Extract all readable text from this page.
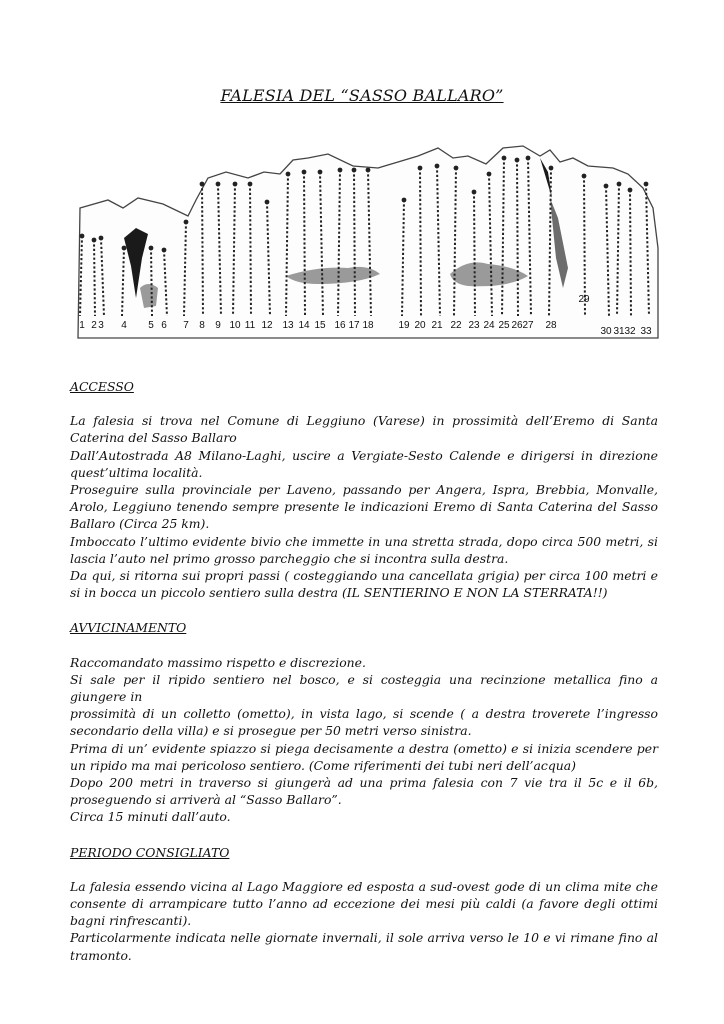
FALESIA DEL “SASSO BALLARO”
1 2 3 4 5 6 7 8 9 10 11 12 13 14 15 16 17 18 19 20 21 22 23 24 25 26 27 28
29
30 31 32 33
ACCESSO

La falesia si trova nel Comune di Leggiuno (Varese) in prossimità dell’Eremo di Santa Caterina del Sasso Ballaro

Dall’Autostrada A8 Milano-Laghi, uscire a Vergiate-Sesto Calende e dirigersi in direzione quest’ultima località.

Proseguire sulla provinciale per Laveno, passando per Angera, Ispra, Brebbia, Monvalle, Arolo, Leggiuno tenendo sempre presente le indicazioni Eremo di Santa Caterina del Sasso Ballaro (Circa 25 km).

Imboccato l’ultimo evidente bivio che immette in una stretta strada, dopo circa 500 metri, si lascia l’auto nel primo grosso parcheggio che si incontra sulla destra.

Da qui, si ritorna sui propri passi ( costeggiando una cancellata grigia) per circa 100 metri e si in bocca un piccolo sentiero sulla destra (IL SENTIERINO E NON LA STERRATA!!)

AVVICINAMENTO

Raccomandato massimo rispetto e discrezione.

Si sale per il ripido sentiero nel bosco, e si costeggia una recinzione metallica fino a giungere in

prossimità di un colletto (ometto), in vista lago, si scende ( a destra troverete l’ingresso secondario della villa) e si prosegue per 50 metri verso sinistra.

Prima di un’ evidente spiazzo si piega decisamente a destra (ometto) e si inizia scendere per un ripido ma mai pericoloso sentiero. (Come riferimenti dei tubi neri dell’acqua)

Dopo 200 metri in traverso si giungerà ad una prima falesia con 7 vie tra il 5c e il 6b, proseguendo si arriverà al “Sasso Ballaro”.

Circa 15 minuti dall’auto.

PERIODO CONSIGLIATO

La falesia essendo vicina al Lago Maggiore ed esposta a sud-ovest gode di un clima mite che consente di arrampicare tutto l’anno ad eccezione dei mesi più caldi (a favore degli ottimi bagni rinfrescanti).

Particolarmente indicata nelle giornate invernali, il sole arriva verso le 10 e vi rimane fino al tramonto.
